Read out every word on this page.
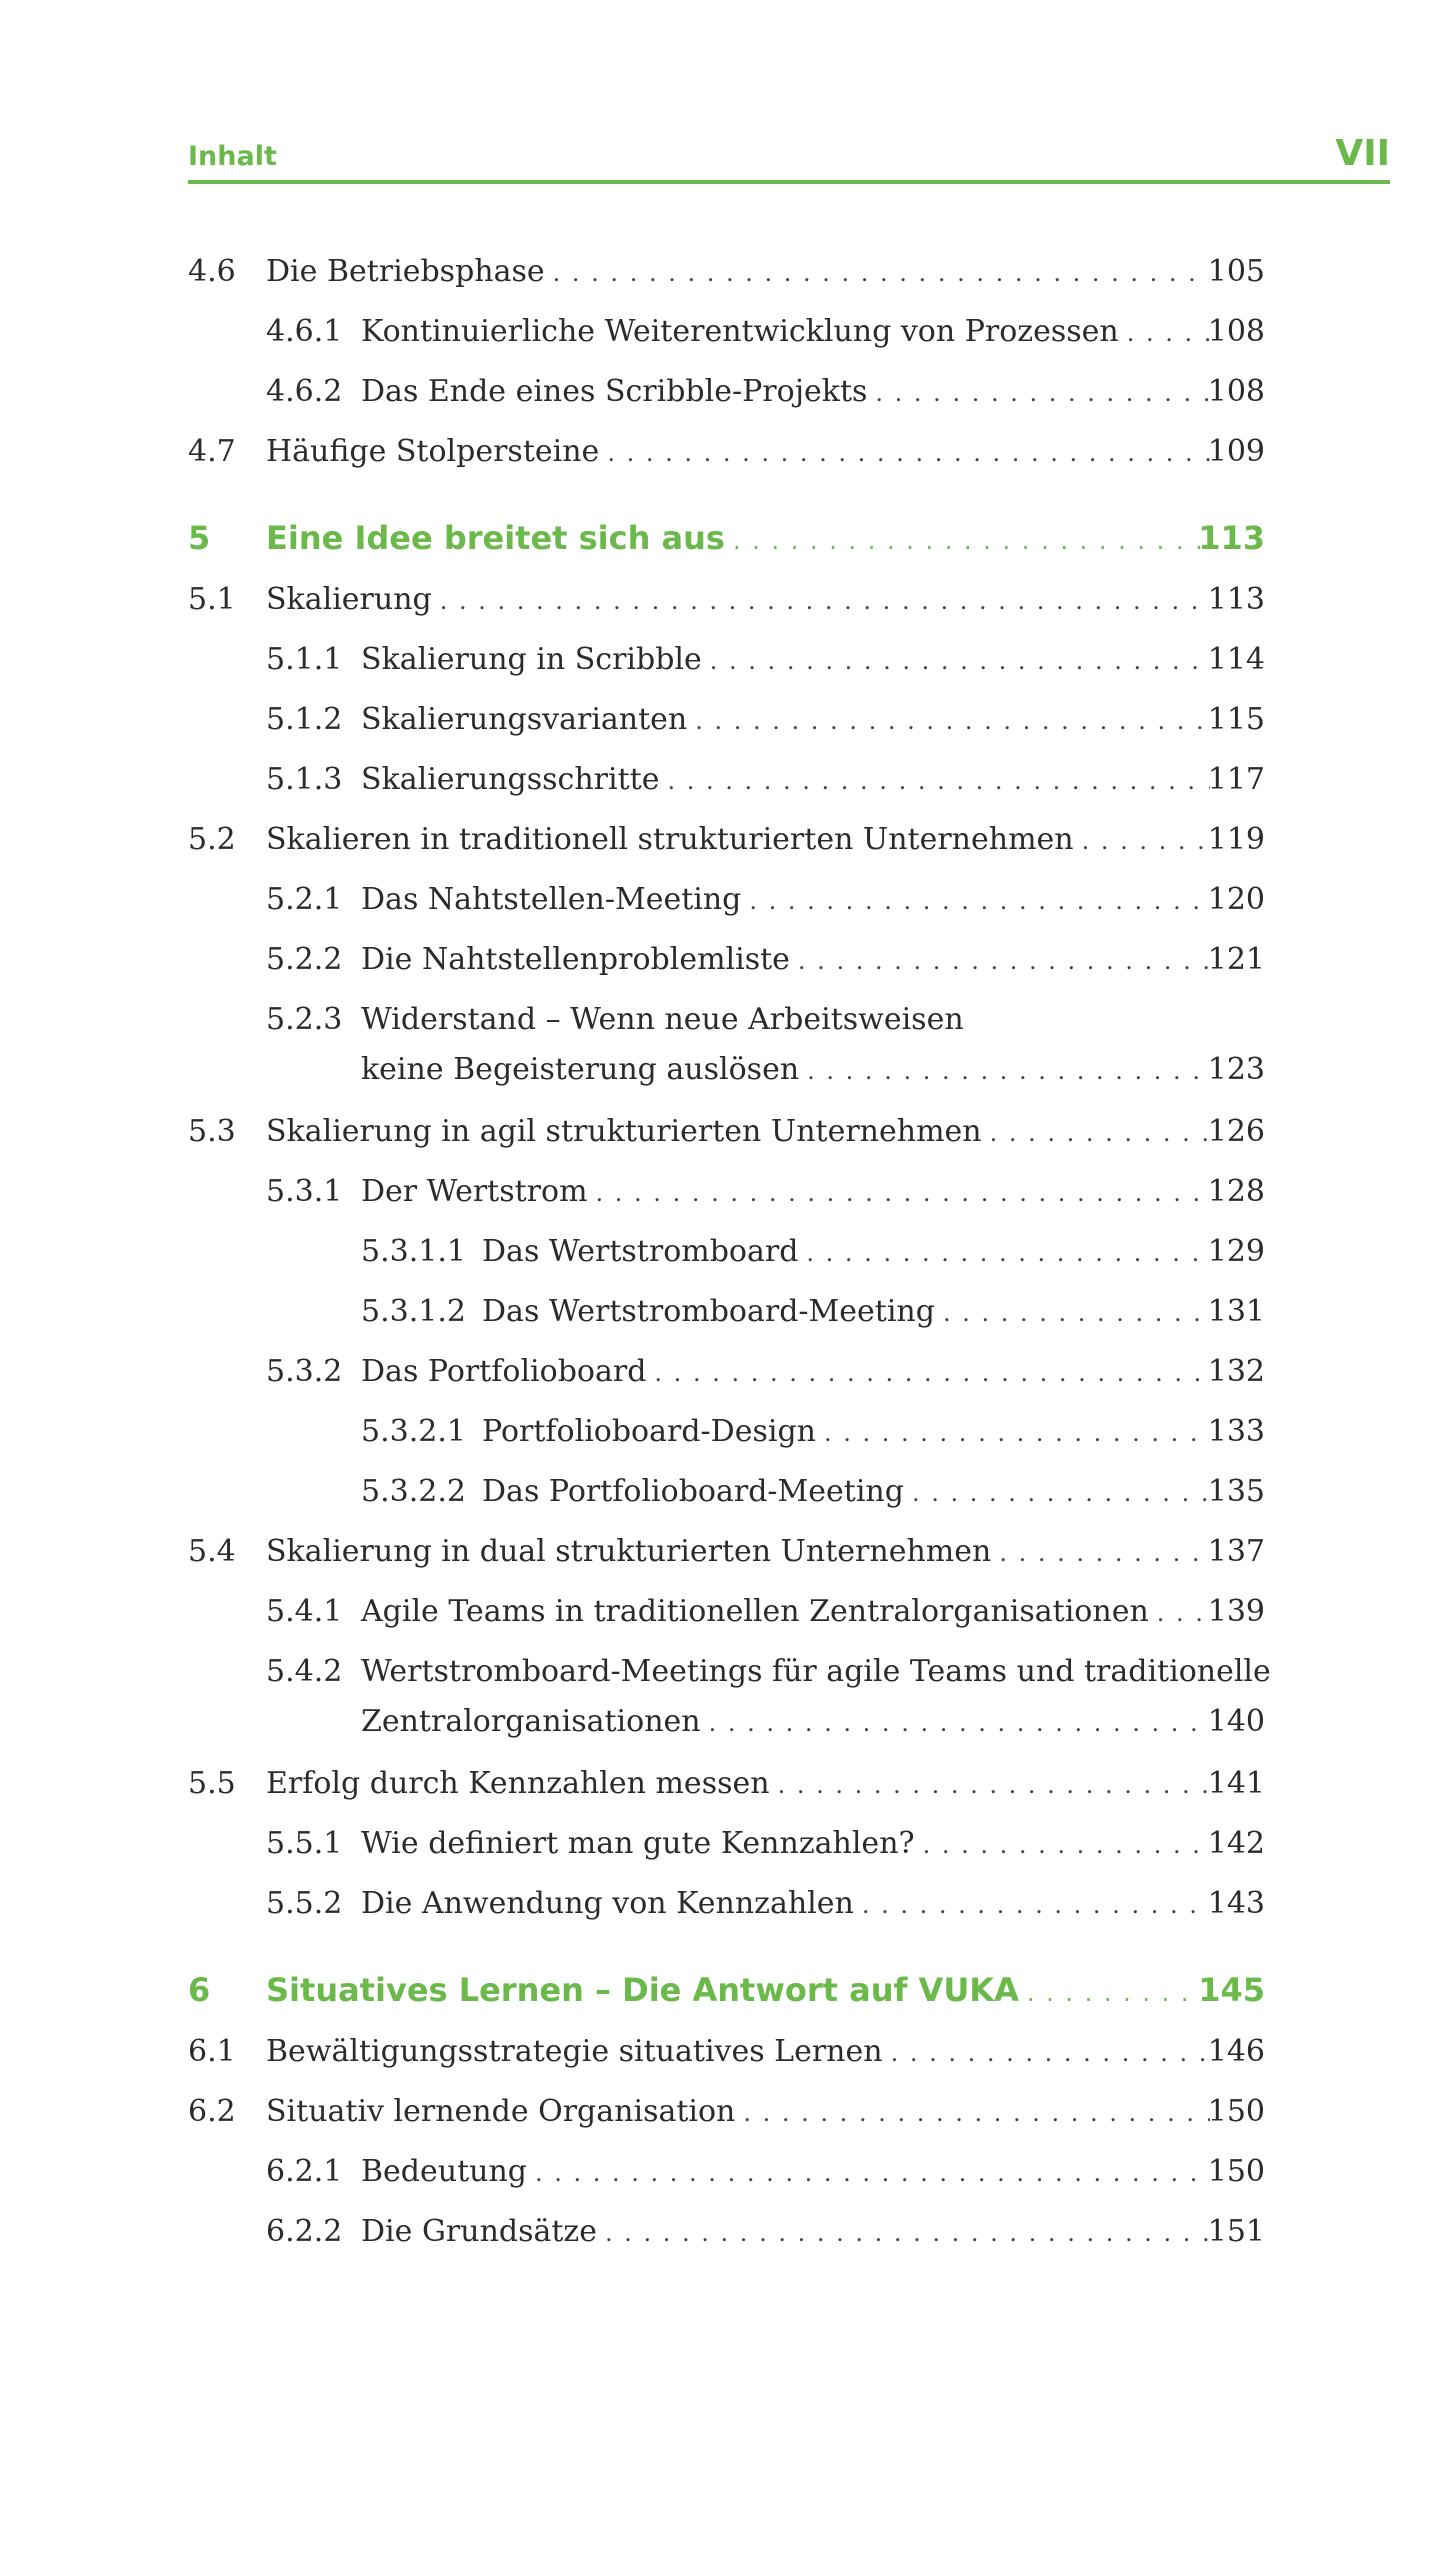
Inhalt	VII
4.6 Die Betriebsphase . . .	105
4.6.1 Kontinuierliche Weiterentwicklung von Prozessen . . .	108
4.6.2 Das Ende eines Scribble-Projekts . . .	108
4.7 Häufige Stolpersteine . . .	109
5 Eine Idee breitet sich aus . . .	113
5.1 Skalierung . . .	113
5.1.1 Skalierung in Scribble . . .	114
5.1.2 Skalierungsvarianten . . .	115
5.1.3 Skalierungsschritte . . .	117
5.2 Skalieren in traditionell strukturierten Unternehmen . . .	119
5.2.1 Das Nahtstellen-Meeting . . .	120
5.2.2 Die Nahtstellenproblemliste . . .	121
5.2.3 Widerstand – Wenn neue Arbeitsweisen
keine Begeisterung auslösen . . .	123
5.3 Skalierung in agil strukturierten Unternehmen . . .	126
5.3.1 Der Wertstrom . . .	128
5.3.1.1 Das Wertstromboard . . .	129
5.3.1.2 Das Wertstromboard-Meeting . . .	131
5.3.2 Das Portfolioboard . . .	132
5.3.2.1 Portfolioboard-Design . . .	133
5.3.2.2 Das Portfolioboard-Meeting . . .	135
5.4 Skalierung in dual strukturierten Unternehmen . . .	137
5.4.1 Agile Teams in traditionellen Zentralorganisationen . . . 139
5.4.2 Wertstromboard-Meetings für agile Teams und traditionelle
Zentralorganisationen . . .	140
5.5 Erfolg durch Kennzahlen messen . . .	141
5.5.1 Wie definiert man gute Kennzahlen? . . .	142
5.5.2 Die Anwendung von Kennzahlen . . .	143
6 Situatives Lernen – Die Antwort auf VUKA . . .	145
6.1 Bewältigungsstrategie situatives Lernen . . .	146
6.2 Situativ lernende Organisation . . .	150
6.2.1 Bedeutung . . .	150
6.2.2 Die Grundsätze . . .	151
